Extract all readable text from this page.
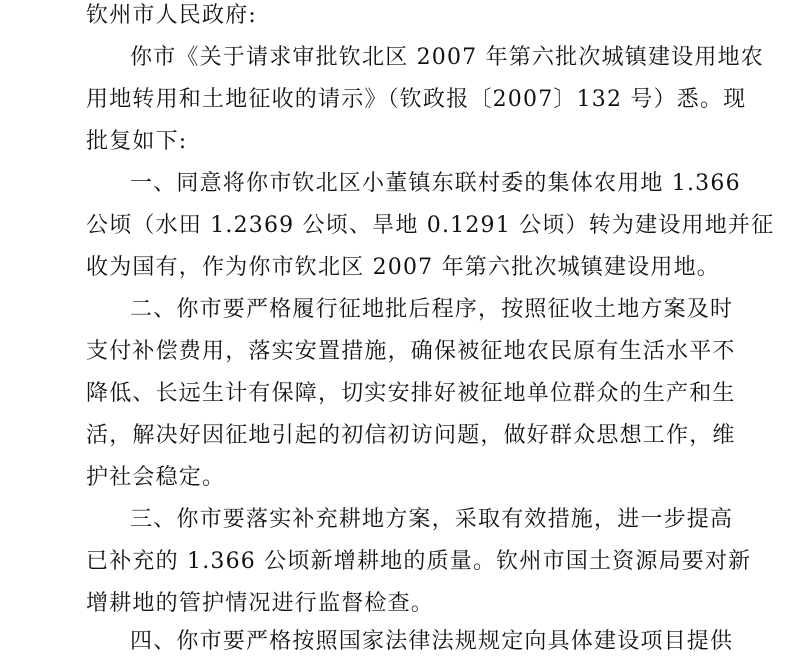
钦州市人民政府:
你市《关于请求审批钦北区 2007 年第六批次城镇建设用地农
用地转用和土地征收的请示》（钦政报〔2007〕132 号）悉。现
批复如下:
一、同意将你市钦北区小董镇东联村委的集体农用地 1.366
公顷（水田 1.2369 公顷、旱地 0.1291 公顷）转为建设用地并征
收为国有，作为你市钦北区 2007 年第六批次城镇建设用地。
二、你市要严格履行征地批后程序，按照征收土地方案及时
支付补偿费用，落实安置措施，确保被征地农民原有生活水平不
降低、长远生计有保障，切实安排好被征地单位群众的生产和生
活，解决好因征地引起的初信初访问题，做好群众思想工作，维
护社会稳定。
三、你市要落实补充耕地方案，采取有效措施，进一步提高
已补充的 1.366 公顷新增耕地的质量。钦州市国土资源局要对新
增耕地的管护情况进行监督检查。
四、你市要严格按照国家法律法规规定向具体建设项目提供
